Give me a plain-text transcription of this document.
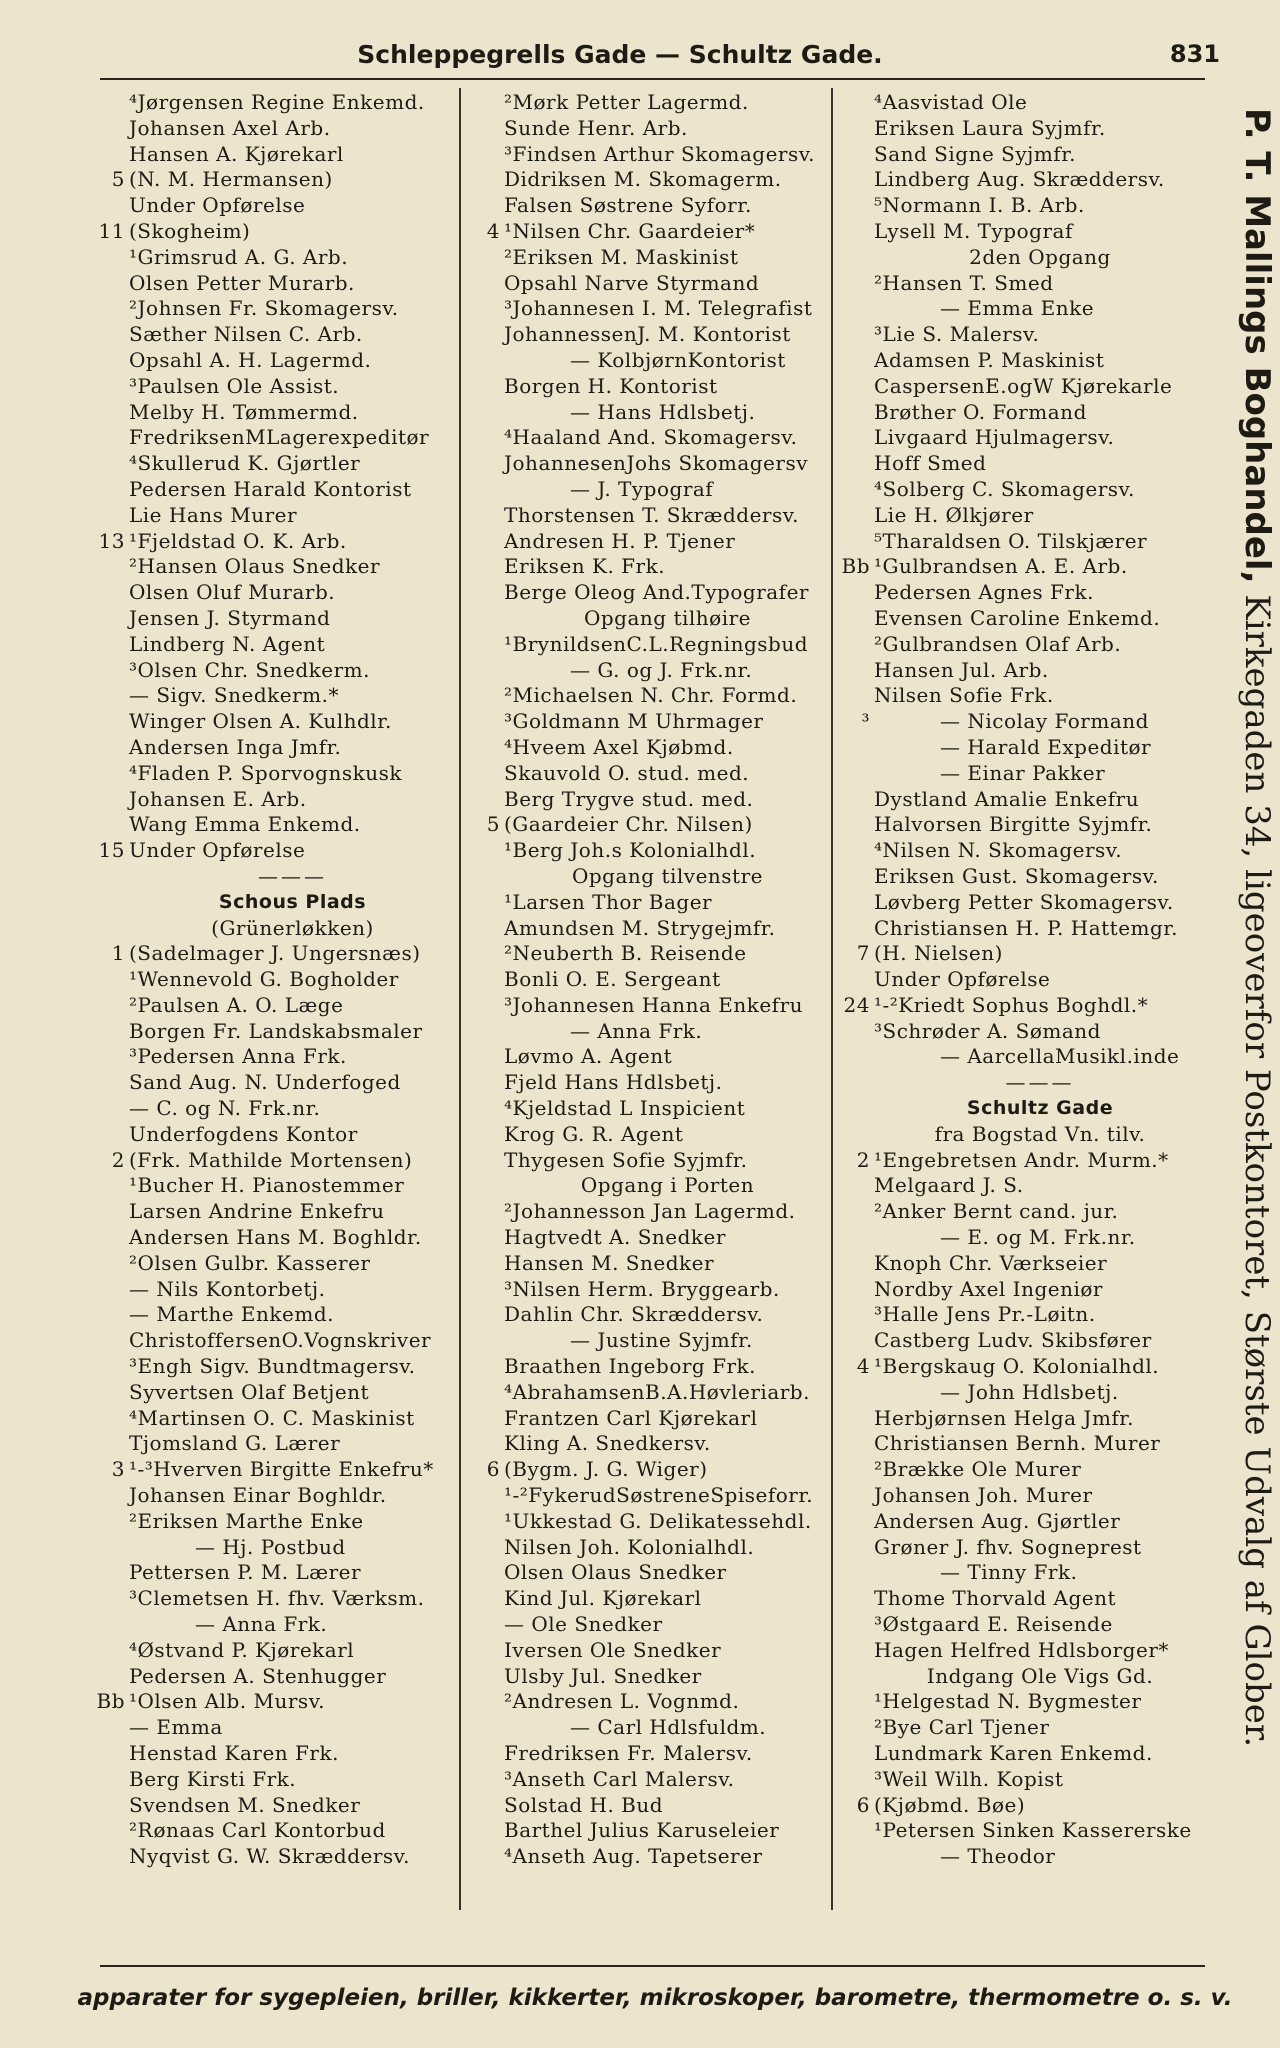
Schleppegrells Gade — Schultz Gade.	831
⁴Jørgensen Regine Enkemd.
Johansen Axel Arb.
Hansen A. Kjørekarl
5 (N. M. Hermansen)
Under Opførelse
11 (Skogheim)
¹Grimsrud A. G. Arb.
Olsen Petter Murarb.
²Johnsen Fr. Skomagersv.
Sæther Nilsen C. Arb.
Opsahl A. H. Lagermd.
³Paulsen Ole Assist.
Melby H. Tømmermd.
FredriksenMLagerexpeditør
⁴Skullerud K. Gjørtler
Pedersen Harald Kontorist
Lie Hans Murer
13 ¹Fjeldstad O. K. Arb.
²Hansen Olaus Snedker
Olsen Oluf Murarb.
Jensen J. Styrmand
Lindberg N. Agent
³Olsen Chr. Snedkerm.
— Sigv. Snedkerm.*
Winger Olsen A. Kulhdlr.
Andersen Inga Jmfr.
⁴Fladen P. Sporvognskusk
Johansen E. Arb.
Wang Emma Enkemd.
15 Under Opførelse
———
Schous Plads
(Grünerløkken)
1 (Sadelmager J. Ungersnæs)
¹Wennevold G. Bogholder
²Paulsen A. O. Læge
Borgen Fr. Landskabsmaler
³Pedersen Anna Frk.
Sand Aug. N. Underfoged
— C. og N. Frk.nr.
Underfogdens Kontor
2 (Frk. Mathilde Mortensen)
¹Bucher H. Pianostemmer
Larsen Andrine Enkefru
Andersen Hans M. Boghldr.
²Olsen Gulbr. Kasserer
— Nils Kontorbetj.
— Marthe Enkemd.
ChristoffersenO.Vognskriver
³Engh Sigv. Bundtmagersv.
Syvertsen Olaf Betjent
⁴Martinsen O. C. Maskinist
Tjomsland G. Lærer
3 ¹-³Hverven Birgitte Enkefru*
Johansen Einar Boghldr.
²Eriksen Marthe Enke
— Hj. Postbud
Pettersen P. M. Lærer
³Clemetsen H. fhv. Værksm.
— Anna Frk.
⁴Østvand P. Kjørekarl
Pedersen A. Stenhugger
Bb ¹Olsen Alb. Mursv.
— Emma
Henstad Karen Frk.
Berg Kirsti Frk.
Svendsen M. Snedker
²Rønaas Carl Kontorbud
Nyqvist G. W. Skræddersv.
²Mørk Petter Lagermd.
Sunde Henr. Arb.
³Findsen Arthur Skomagersv.
Didriksen M. Skomagerm.
Falsen Søstrene Syforr.
4 ¹Nilsen Chr. Gaardeier*
²Eriksen M. Maskinist
Opsahl Narve Styrmand
³Johannesen I. M. Telegrafist
JohannessenJ. M. Kontorist
— KolbjørnKontorist
Borgen H. Kontorist
— Hans Hdlsbetj.
⁴Haaland And. Skomagersv.
JohannesenJohs Skomagersv
— J. Typograf
Thorstensen T. Skræddersv.
Andresen H. P. Tjener
Eriksen K. Frk.
Berge Oleog And.Typografer
Opgang tilhøire
¹BrynildsenC.L.Regningsbud
— G. og J. Frk.nr.
²Michaelsen N. Chr. Formd.
³Goldmann M Uhrmager
⁴Hveem Axel Kjøbmd.
Skauvold O. stud. med.
Berg Trygve stud. med.
5 (Gaardeier Chr. Nilsen)
¹Berg Joh.s Kolonialhdl.
Opgang tilvenstre
¹Larsen Thor Bager
Amundsen M. Strygejmfr.
²Neuberth B. Reisende
Bonli O. E. Sergeant
³Johannesen Hanna Enkefru
— Anna Frk.
Løvmo A. Agent
Fjeld Hans Hdlsbetj.
⁴Kjeldstad L Inspicient
Krog G. R. Agent
Thygesen Sofie Syjmfr.
Opgang i Porten
²Johannesson Jan Lagermd.
Hagtvedt A. Snedker
Hansen M. Snedker
³Nilsen Herm. Bryggearb.
Dahlin Chr. Skræddersv.
— Justine Syjmfr.
Braathen Ingeborg Frk.
⁴AbrahamsenB.A.Høvleriarb.
Frantzen Carl Kjørekarl
Kling A. Snedkersv.
6 (Bygm. J. G. Wiger)
¹-²FykerudSøstreneSpiseforr.
¹Ukkestad G. Delikatessehdl.
Nilsen Joh. Kolonialhdl.
Olsen Olaus Snedker
Kind Jul. Kjørekarl
— Ole Snedker
Iversen Ole Snedker
Ulsby Jul. Snedker
²Andresen L. Vognmd.
— Carl Hdlsfuldm.
Fredriksen Fr. Malersv.
³Anseth Carl Malersv.
Solstad H. Bud
Barthel Julius Karuseleier
⁴Anseth Aug. Tapetserer
⁴Aasvistad Ole
Eriksen Laura Syjmfr.
Sand Signe Syjmfr.
Lindberg Aug. Skræddersv.
⁵Normann I. B. Arb.
Lysell M. Typograf
2den Opgang
²Hansen T. Smed
— Emma Enke
³Lie S. Malersv.
Adamsen P. Maskinist
CaspersenE.ogW Kjørekarle
Brøther O. Formand
Livgaard Hjulmagersv.
Hoff Smed
⁴Solberg C. Skomagersv.
Lie H. Ølkjører
⁵Tharaldsen O. Tilskjærer
Bb ¹Gulbrandsen A. E. Arb.
Pedersen Agnes Frk.
Evensen Caroline Enkemd.
²Gulbrandsen Olaf Arb.
Hansen Jul. Arb.
Nilsen Sofie Frk.
³	— Nicolay Formand
— Harald Expeditør
— Einar Pakker
Dystland Amalie Enkefru
Halvorsen Birgitte Syjmfr.
⁴Nilsen N. Skomagersv.
Eriksen Gust. Skomagersv.
Løvberg Petter Skomagersv.
Christiansen H. P. Hattemgr.
7 (H. Nielsen)
Under Opførelse
24 ¹-²Kriedt Sophus Boghdl.*
³Schrøder A. Sømand
— AarcellaMusikl.inde
———
Schultz Gade
fra Bogstad Vn. tilv.
2 ¹Engebretsen Andr. Murm.*
Melgaard J. S.
²Anker Bernt cand. jur.
— E. og M. Frk.nr.
Knoph Chr. Værkseier
Nordby Axel Ingeniør
³Halle Jens Pr.-Løitn.
Castberg Ludv. Skibsfører
4 ¹Bergskaug O. Kolonialhdl.
— John Hdlsbetj.
Herbjørnsen Helga Jmfr.
Christiansen Bernh. Murer
²Brække Ole Murer
Johansen Joh. Murer
Andersen Aug. Gjørtler
Grøner J. fhv. Sogneprest
— Tinny Frk.
Thome Thorvald Agent
³Østgaard E. Reisende
Hagen Helfred Hdlsborger*
Indgang Ole Vigs Gd.
¹Helgestad N. Bygmester
²Bye Carl Tjener
Lundmark Karen Enkemd.
³Weil Wilh. Kopist
6 (Kjøbmd. Bøe)
¹Petersen Sinken Kassererske
— Theodor
P. T. Mallings Boghandel, Kirkegaden 34, ligeoverfor Postkontoret, Største Udvalg af Glober.
apparater for sygepleien, briller, kikkerter, mikroskoper, barometre, thermometre o. s. v.
